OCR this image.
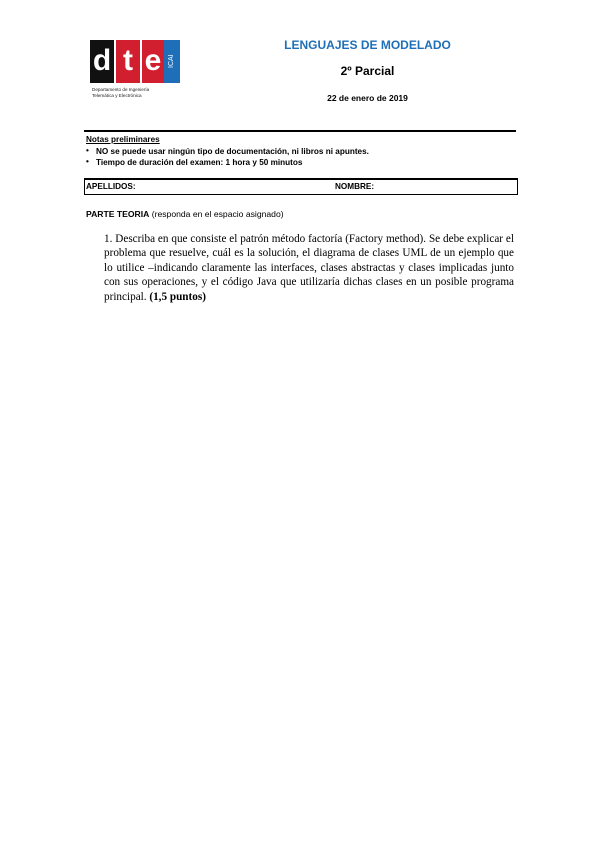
d t e ICAI
Departamento de Ingeniería
Telemática y Electrónica
LENGUAJES DE MODELADO
2º Parcial
22 de enero de 2019
Notas preliminares
• NO se puede usar ningún tipo de documentación, ni libros ni apuntes.
• Tiempo de duración del examen: 1 hora y 50 minutos
APELLIDOS:	NOMBRE:
PARTE TEORIA (responda en el espacio asignado)
1. Describa en que consiste el patrón método factoría (Factory method). Se debe explicar el problema que resuelve, cuál es la solución, el diagrama de clases UML de un ejemplo que lo utilice –indicando claramente las interfaces, clases abstractas y clases implicadas junto con sus operaciones, y el código Java que utilizaría dichas clases en un posible programa principal. (1,5 puntos)
